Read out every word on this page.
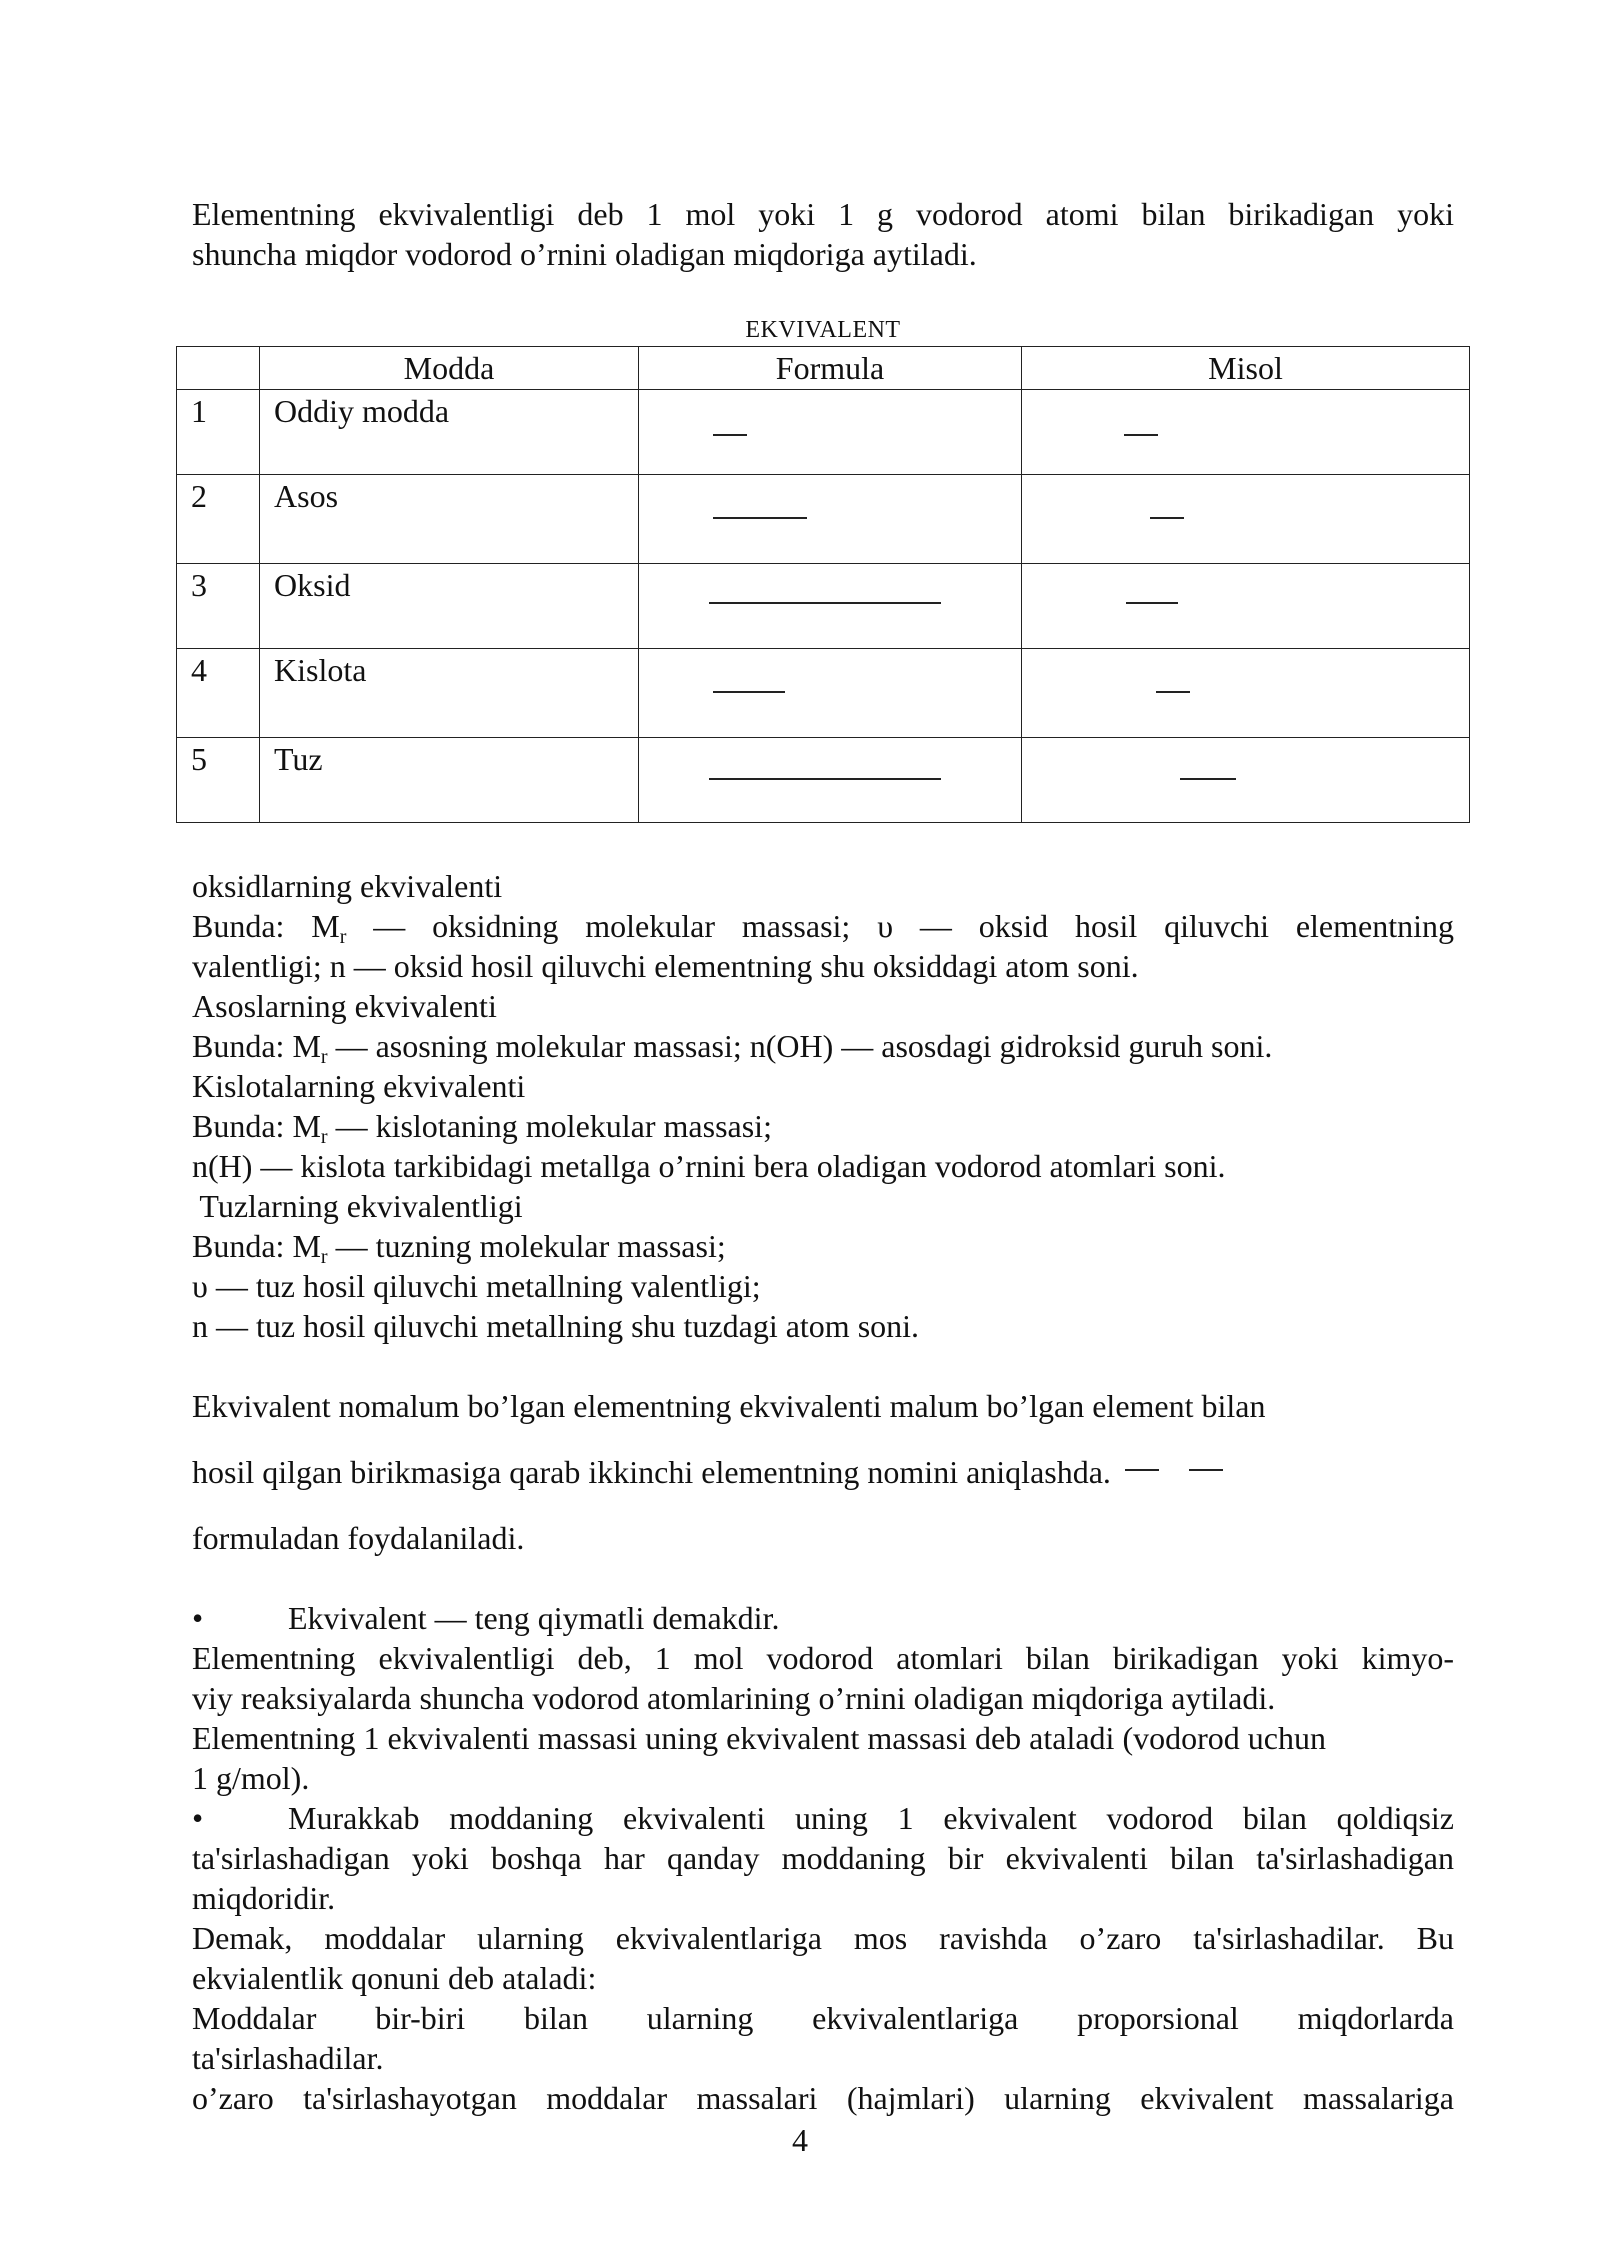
Elementning ekvivalentligi deb 1 mol yoki 1 g vodorod atomi bilan birikadigan yoki

shuncha miqdor vodorod o’rnini oladigan miqdoriga aytiladi.

EKVIVALENT
	Modda	Formula	Misol
1	Oddiy modda	

2	Asos	

3	Oksid	

4	Kislota	

5	Tuz	

oksidlarning ekvivalenti

Bunda: Mr — oksidning molekular massasi; υ — oksid hosil qiluvchi elementning

valentligi; n — oksid hosil qiluvchi elementning shu oksiddagi atom soni.

Asoslarning ekvivalenti

Bunda: Mr — asosning molekular massasi; n(OH) — asosdagi gidroksid guruh soni.

Kislotalarning ekvivalenti

Bunda: Mr — kislotaning molekular massasi;

n(H) — kislota tarkibidagi metallga o’rnini bera oladigan vodorod atomlari soni.

Tuzlarning ekvivalentligi

Bunda: Mr — tuzning molekular massasi;

υ — tuz hosil qiluvchi metallning valentligi;

n — tuz hosil qiluvchi metallning shu tuzdagi atom soni.

Ekvivalent nomalum bo’lgan elementning ekvivalenti malum bo’lgan element bilan

hosil qilgan birikmasiga qarab ikkinchi elementning nomini aniqlashda.

formuladan foydalaniladi.

•	Ekvivalent — teng qiymatli demakdir.

Elementning ekvivalentligi deb, 1 mol vodorod atomlari bilan birikadigan yoki kimyo-

viy reaksiyalarda shuncha vodorod atomlarining o’rnini oladigan miqdoriga aytiladi.

Elementning 1 ekvivalenti massasi uning ekvivalent massasi deb ataladi (vodorod uchun

1 g/mol).

•	Murakkab moddaning ekvivalenti uning 1 ekvivalent vodorod bilan qoldiqsiz

ta'sirlashadigan yoki boshqa har qanday moddaning bir ekvivalenti bilan ta'sirlashadigan

miqdoridir.

Demak, moddalar ularning ekvivalentlariga mos ravishda o’zaro ta'sirlashadilar. Bu

ekvialentlik qonuni deb ataladi:

Moddalar bir-biri bilan ularning ekvivalentlariga proporsional miqdorlarda

ta'sirlashadilar.

o’zaro ta'sirlashayotgan moddalar massalari (hajmlari) ularning ekvivalent massalariga

4
